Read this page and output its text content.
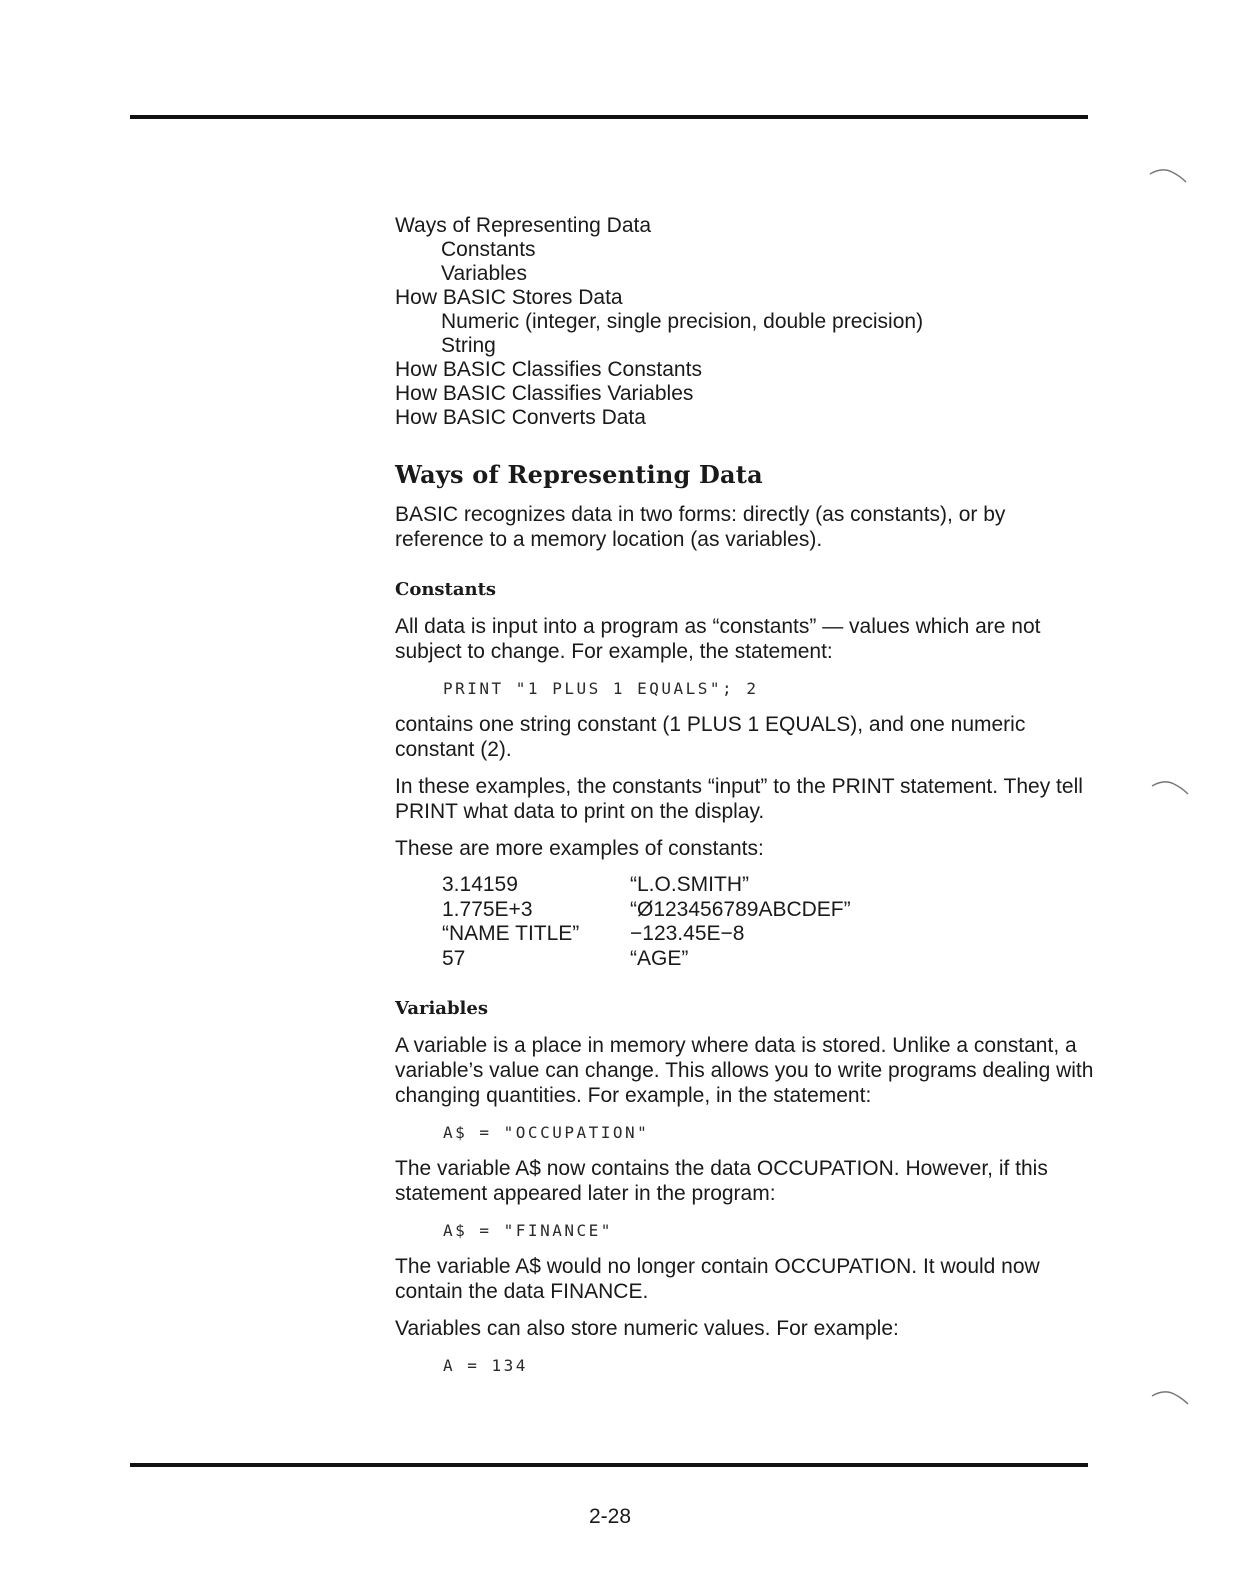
Ways of Representing Data

Constants

Variables

How BASIC Stores Data

Numeric (integer, single precision, double precision)

String

How BASIC Classifies Constants

How BASIC Classifies Variables

How BASIC Converts Data

Ways of Representing Data

BASIC recognizes data in two forms: directly (as constants), or by reference to a memory location (as variables).

Constants

All data is input into a program as “constants” — values which are not subject to change. For example, the statement:

PRINT "1 PLUS 1 EQUALS"; 2

contains one string constant (1 PLUS 1 EQUALS), and one numeric constant (2).

In these examples, the constants “input” to the PRINT statement. They tell PRINT what data to print on the display.

These are more examples of constants:

3.14159	“L.O.SMITH”
1.775E+3	“Ø123456789ABCDEF”
“NAME TITLE”	−123.45E−8
57	“AGE”
Variables

A variable is a place in memory where data is stored. Unlike a constant, a variable’s value can change. This allows you to write programs dealing with changing quantities. For example, in the statement:

A$ = "OCCUPATION"

The variable A$ now contains the data OCCUPATION. However, if this statement appeared later in the program:

A$ = "FINANCE"

The variable A$ would no longer contain OCCUPATION. It would now contain the data FINANCE.

Variables can also store numeric values. For example:

A = 134
2-28
